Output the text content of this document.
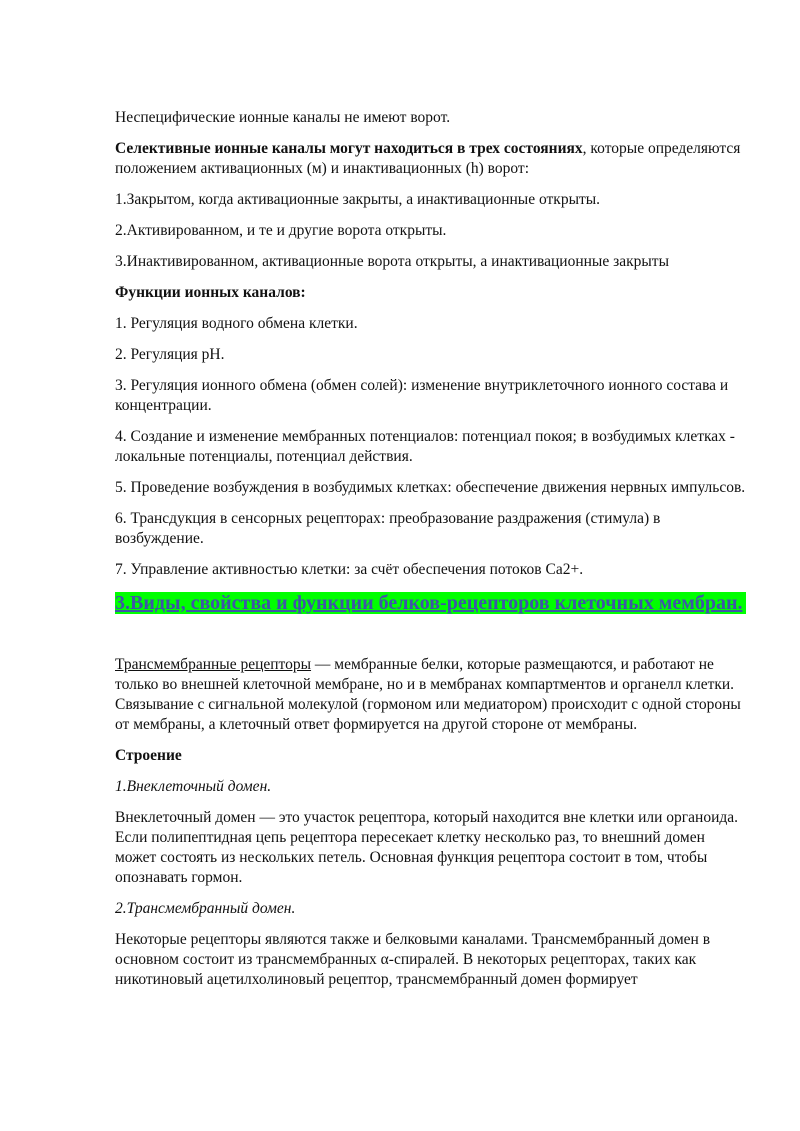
Неспецифические ионные каналы не имеют ворот.

Селективные ионные каналы могут находиться в трех состояниях, которые определяются положением активационных (м) и инактивационных (h) ворот:

1.Закрытом, когда активационные закрыты, а инактивационные открыты.

2.Активированном, и те и другие ворота открыты.

3.Инактивированном, активационные ворота открыты, а инактивационные закрыты

Функции ионных каналов:

1. Регуляция водного обмена клетки.

2. Регуляция pH.

3. Регуляция ионного обмена (обмен солей): изменение внутриклеточного ионного состава и концентрации.

4. Создание и изменение мембранных потенциалов: потенциал покоя; в возбудимых клетках - локальные потенциалы, потенциал действия.

5. Проведение возбуждения в возбудимых клетках: обеспечение движения нервных импульсов.

6. Трансдукция в сенсорных рецепторах: преобразование раздражения (стимула) в возбуждение.

7. Управление активностью клетки: за счёт обеспечения потоков Ca2+.

3.Виды, свойства и функции белков-рецепторов клеточных мембран.

Трансмембранные рецепторы — мембранные белки, которые размещаются, и работают не только во внешней клеточной мембране, но и в мембранах компартментов и органелл клетки. Связывание с сигнальной молекулой (гормоном или медиатором) происходит с одной стороны от мембраны, а клеточный ответ формируется на другой стороне от мембраны.

Строение

1.Внеклеточный домен.

Внеклеточный домен — это участок рецептора, который находится вне клетки или органоида. Если полипептидная цепь рецептора пересекает клетку несколько раз, то внешний домен может состоять из нескольких петель. Основная функция рецептора состоит в том, чтобы опознавать гормон.

2.Трансмембранный домен.

Некоторые рецепторы являются также и белковыми каналами. Трансмембранный домен в основном состоит из трансмембранных α-спиралей. В некоторых рецепторах, таких как никотиновый ацетилхолиновый рецептор, трансмембранный домен формирует
